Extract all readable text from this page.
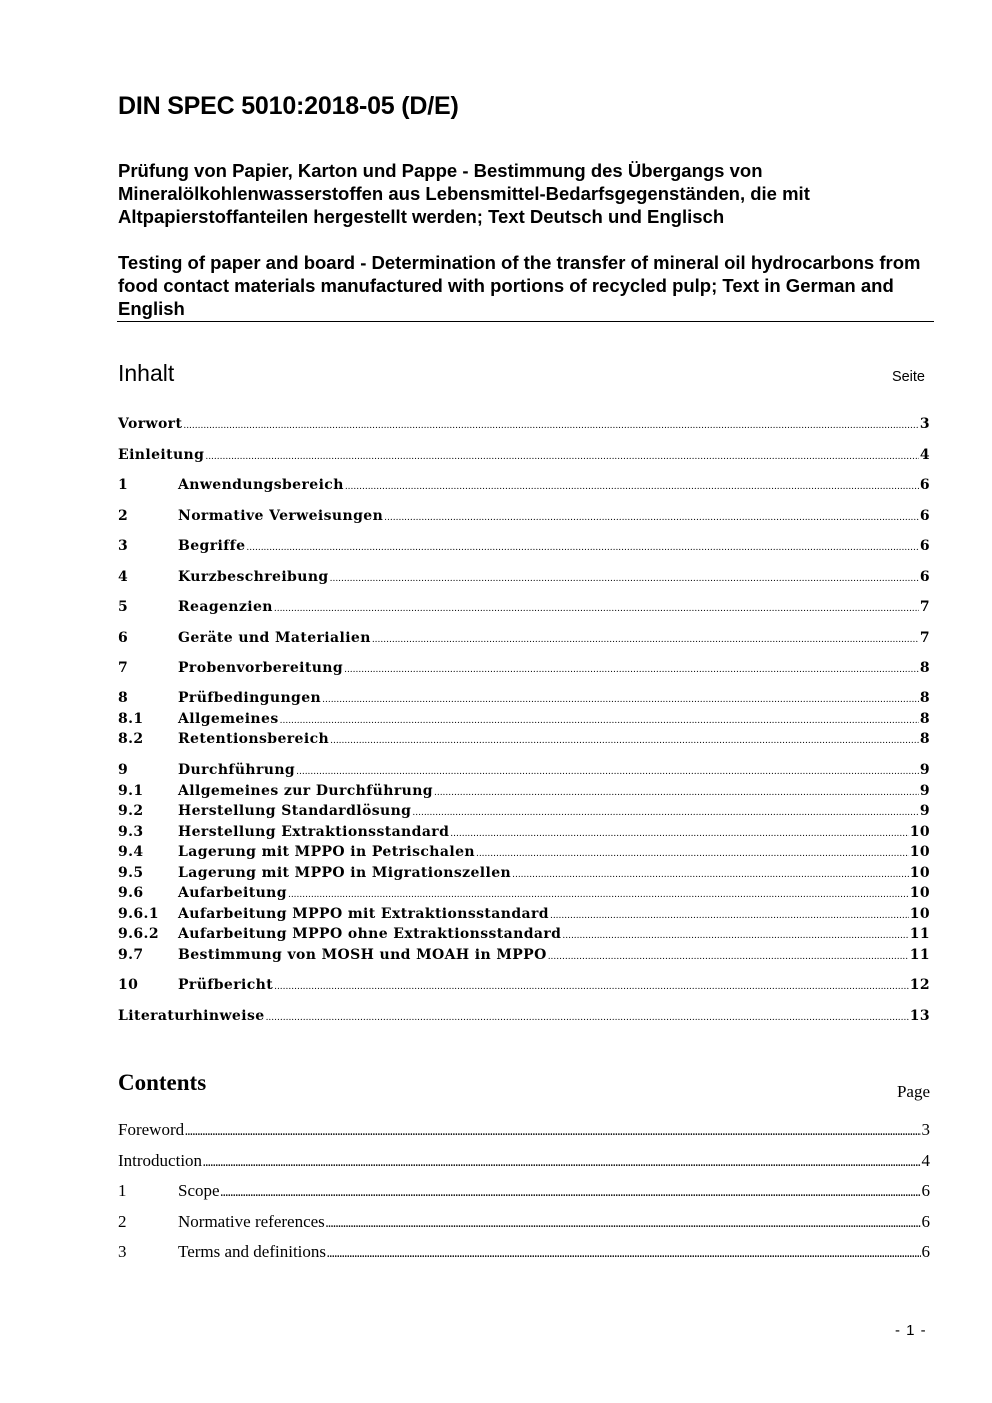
DIN SPEC 5010:2018-05 (D/E)

Prüfung von Papier, Karton und Pappe - Bestimmung des Übergangs von Mineralölkohlenwasserstoffen aus Lebensmittel-Bedarfsgegenständen, die mit Altpapierstoffanteilen hergestellt werden; Text Deutsch und Englisch

Testing of paper and board - Determination of the transfer of mineral oil hydrocarbons from food contact materials manufactured with portions of recycled pulp; Text in German and English

Inhalt	Seite
Vorwort .....	3
Einleitung .....	4
1	Anwendungsbereich .....	6
2	Normative Verweisungen .....	6
3	Begriffe .....	6
4	Kurzbeschreibung .....	6
5	Reagenzien .....	7
6	Geräte und Materialien .....	7
7	Probenvorbereitung .....	8
8	Prüfbedingungen .....	8
8.1	Allgemeines .....	8
8.2	Retentionsbereich .....	8
9	Durchführung .....	9
9.1	Allgemeines zur Durchführung .....	9
9.2	Herstellung Standardlösung .....	9
9.3	Herstellung Extraktionsstandard .....	10
9.4	Lagerung mit MPPO in Petrischalen .....	10
9.5	Lagerung mit MPPO in Migrationszellen .....	10
9.6	Aufarbeitung .....	10
9.6.1	Aufarbeitung MPPO mit Extraktionsstandard .....	10
9.6.2	Aufarbeitung MPPO ohne Extraktionsstandard .....	11
9.7	Bestimmung von MOSH und MOAH in MPPO .....	11
10	Prüfbericht .....	12
Literaturhinweise .....	13
Contents	Page
Foreword .....	3
Introduction .....	4
1	Scope .....	6
2	Normative references .....	6
3	Terms and definitions .....	6
- 1 -
